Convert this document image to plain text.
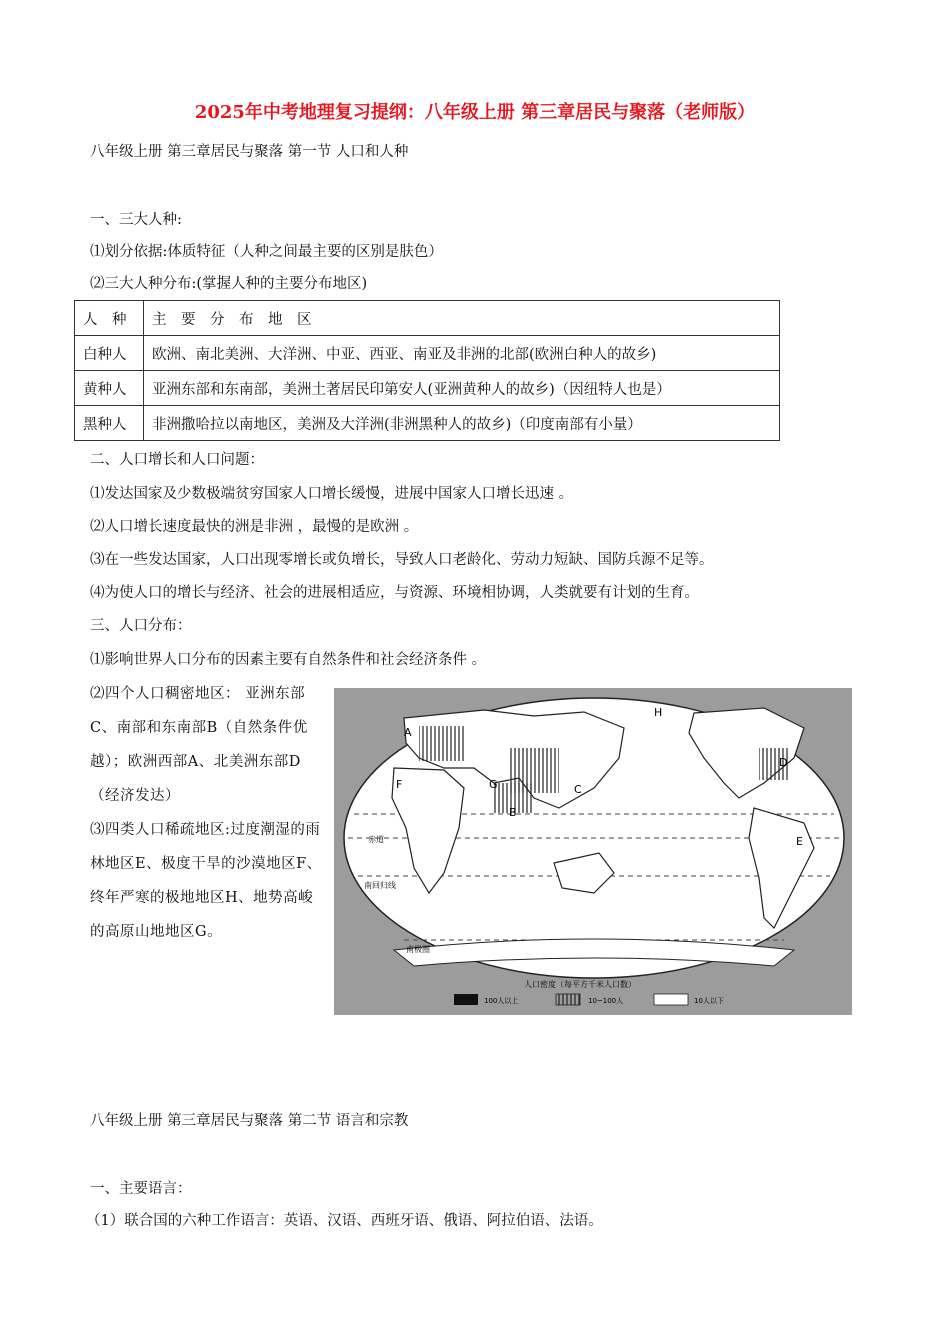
2025年中考地理复习提纲：八年级上册 第三章居民与聚落（老师版）
八年级上册 第三章居民与聚落 第一节 人口和人种
一、三大人种:
⑴划分依据:体质特征（人种之间最主要的区别是肤色）
⑵三大人种分布:(掌握人种的主要分布地区)
人　种	主　要　分　布　地　区
白种人	欧洲、南北美洲、大洋洲、中亚、西亚、南亚及非洲的北部(欧洲白种人的故乡)
黄种人	亚洲东部和东南部，美洲土著居民印第安人(亚洲黄种人的故乡)（因纽特人也是）
黑种人	非洲撒哈拉以南地区，美洲及大洋洲(非洲黑种人的故乡)（印度南部有小量）
二、人口增长和人口问题：
⑴发达国家及少数极端贫穷国家人口增长缓慢，进展中国家人口增长迅速 。
⑵人口增长速度最快的洲是非洲 ，最慢的是欧洲 。
⑶在一些发达国家，人口出现零增长或负增长，导致人口老龄化、劳动力短缺、国防兵源不足等。
⑷为使人口的增长与经济、社会的进展相适应，与资源、环境相协调，人类就要有计划的生育。
三、人口分布：
⑴影响世界人口分布的因素主要有自然条件和社会经济条件 。
⑵四个人口稠密地区： 亚洲东部C、南部和东南部B（自然条件优越）；欧洲西部A、北美洲东部D（经济发达）
⑶四类人口稀疏地区:过度潮湿的雨林地区E、极度干旱的沙漠地区F、终年严寒的极地地区H、地势高峻的高原山地地区G。
A
B
C
D
E
F	G
H
赤道
南回归线
南极圈
人口密度（每平方千米人口数）
100人以上	10~100人	10人以下
八年级上册 第三章居民与聚落 第二节 语言和宗教
一、主要语言：
（1）联合国的六种工作语言：英语、汉语、西班牙语、俄语、阿拉伯语、法语。
